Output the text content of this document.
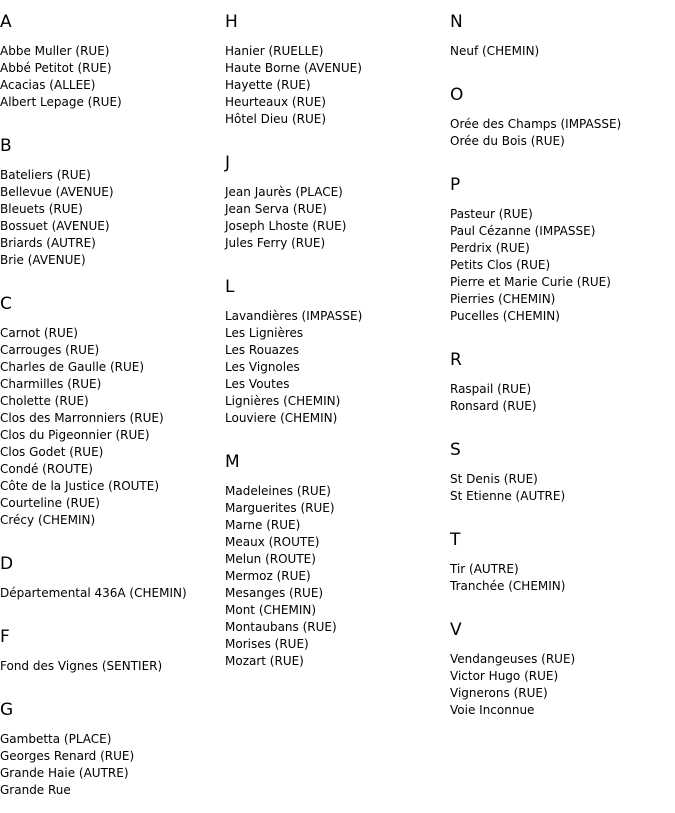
A
Abbe Muller (RUE)
Abbé Petitot (RUE)
Acacias (ALLEE)
Albert Lepage (RUE)
B
Bateliers (RUE)
Bellevue (AVENUE)
Bleuets (RUE)
Bossuet (AVENUE)
Briards (AUTRE)
Brie (AVENUE)
C
Carnot (RUE)
Carrouges (RUE)
Charles de Gaulle (RUE)
Charmilles (RUE)
Cholette (RUE)
Clos des Marronniers (RUE)
Clos du Pigeonnier (RUE)
Clos Godet (RUE)
Condé (ROUTE)
Côte de la Justice (ROUTE)
Courteline (RUE)
Crécy (CHEMIN)
D
Départemental 436A (CHEMIN)
F
Fond des Vignes (SENTIER)
G
Gambetta (PLACE)
Georges Renard (RUE)
Grande Haie (AUTRE)
Grande Rue
H
Hanier (RUELLE)
Haute Borne (AVENUE)
Hayette (RUE)
Heurteaux (RUE)
Hôtel Dieu (RUE)
J
Jean Jaurès (PLACE)
Jean Serva (RUE)
Joseph Lhoste (RUE)
Jules Ferry (RUE)
L
Lavandières (IMPASSE)
Les Lignières
Les Rouazes
Les Vignoles
Les Voutes
Lignières (CHEMIN)
Louviere (CHEMIN)
M
Madeleines (RUE)
Marguerites (RUE)
Marne (RUE)
Meaux (ROUTE)
Melun (ROUTE)
Mermoz (RUE)
Mesanges (RUE)
Mont (CHEMIN)
Montaubans (RUE)
Morises (RUE)
Mozart (RUE)
N
Neuf (CHEMIN)
O
Orée des Champs (IMPASSE)
Orée du Bois (RUE)
P
Pasteur (RUE)
Paul Cézanne (IMPASSE)
Perdrix (RUE)
Petits Clos (RUE)
Pierre et Marie Curie (RUE)
Pierries (CHEMIN)
Pucelles (CHEMIN)
R
Raspail (RUE)
Ronsard (RUE)
S
St Denis (RUE)
St Etienne (AUTRE)
T
Tir (AUTRE)
Tranchée (CHEMIN)
V
Vendangeuses (RUE)
Victor Hugo (RUE)
Vignerons (RUE)
Voie Inconnue
